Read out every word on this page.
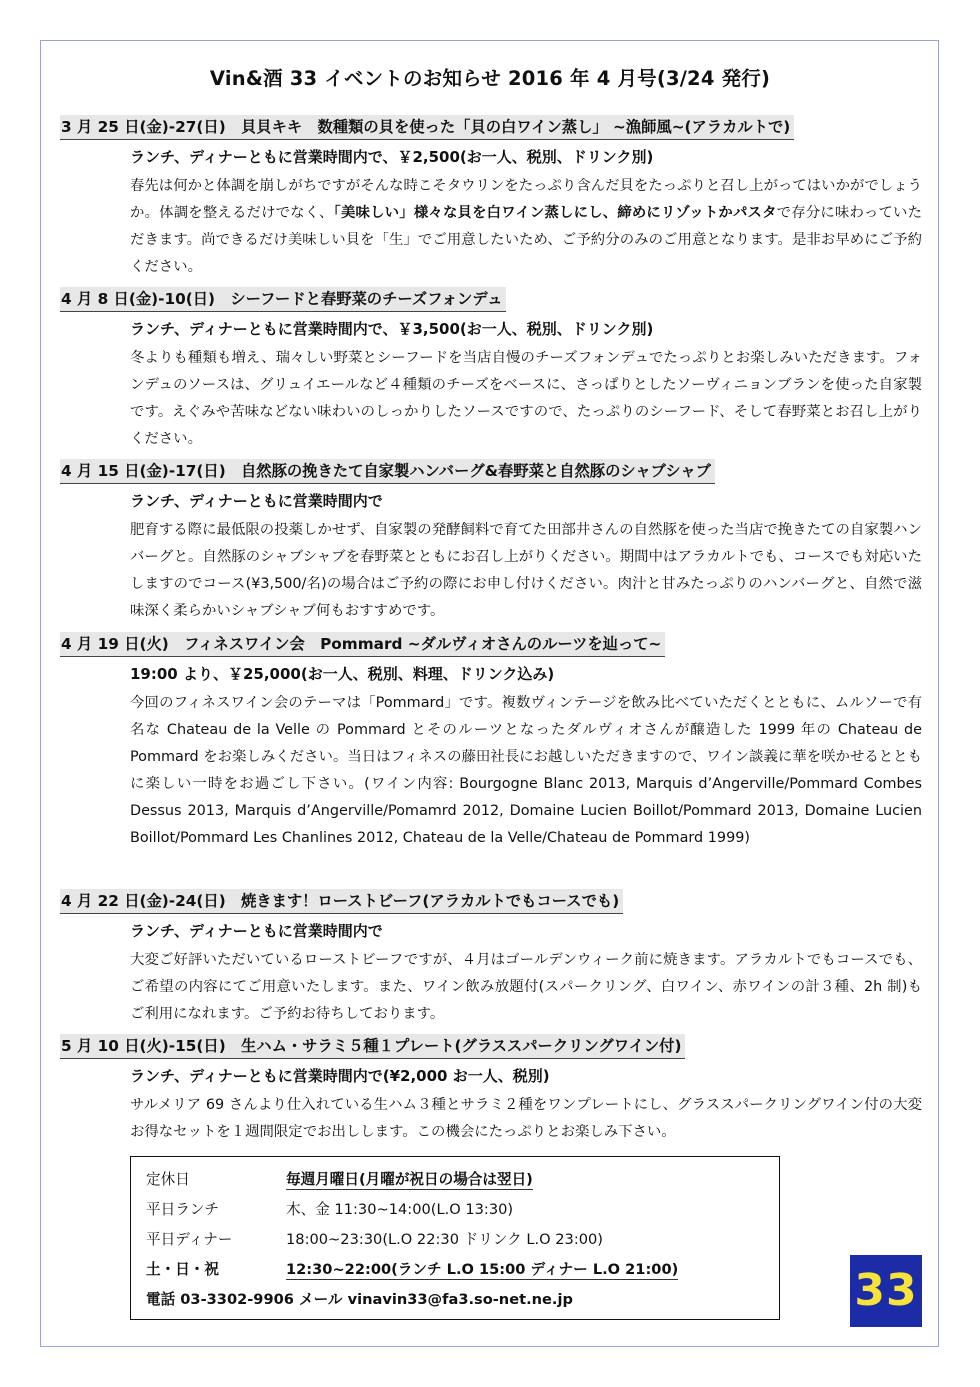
Vin&酒 33 イベントのお知らせ 2016 年 4 月号(3/24 発行)
3 月 25 日(金)-27(日)　貝貝キキ　数種類の貝を使った「貝の白ワイン蒸し」 ~漁師風~(アラカルトで)
ランチ、ディナーともに営業時間内で、￥2,500(お一人、税別、ドリンク別)
春先は何かと体調を崩しがちですがそんな時こそタウリンをたっぷり含んだ貝をたっぷりと召し上がってはいかがでしょうか。体調を整えるだけでなく、「美味しい」様々な貝を白ワイン蒸しにし、締めにリゾットかパスタで存分に味わっていただきます。尚できるだけ美味しい貝を「生」でご用意したいため、ご予約分のみのご用意となります。是非お早めにご予約ください。
4 月 8 日(金)-10(日)　シーフードと春野菜のチーズフォンデュ
ランチ、ディナーともに営業時間内で、￥3,500(お一人、税別、ドリンク別)
冬よりも種類も増え、瑞々しい野菜とシーフードを当店自慢のチーズフォンデュでたっぷりとお楽しみいただきます。フォンデュのソースは、グリュイエールなど４種類のチーズをベースに、さっぱりとしたソーヴィニョンブランを使った自家製です。えぐみや苦味などない味わいのしっかりしたソースですので、たっぷりのシーフード、そして春野菜とお召し上がりください。
4 月 15 日(金)-17(日)　自然豚の挽きたて自家製ハンバーグ&春野菜と自然豚のシャブシャブ
ランチ、ディナーともに営業時間内で
肥育する際に最低限の投薬しかせず、自家製の発酵飼料で育てた田部井さんの自然豚を使った当店で挽きたての自家製ハンバーグと。自然豚のシャブシャブを春野菜とともにお召し上がりください。期間中はアラカルトでも、コースでも対応いたしますのでコース(¥3,500/名)の場合はご予約の際にお申し付けください。肉汁と甘みたっぷりのハンバーグと、自然で滋味深く柔らかいシャブシャブ何もおすすめです。
4 月 19 日(火)　フィネスワイン会　Pommard ~ダルヴィオさんのルーツを辿って~
19:00 より、￥25,000(お一人、税別、料理、ドリンク込み)
今回のフィネスワイン会のテーマは「Pommard」です。複数ヴィンテージを飲み比べていただくとともに、ムルソーで有名な Chateau de la Velle の Pommard とそのルーツとなったダルヴィオさんが醸造した 1999 年の Chateau de Pommard をお楽しみください。当日はフィネスの藤田社長にお越しいただきますので、ワイン談義に華を咲かせるとともに楽しい一時をお過ごし下さい。(ワイン内容: Bourgogne Blanc 2013, Marquis d’Angerville/Pommard Combes Dessus 2013, Marquis d’Angerville/Pomamrd 2012, Domaine Lucien Boillot/Pommard 2013, Domaine Lucien Boillot/Pommard Les Chanlines 2012, Chateau de la Velle/Chateau de Pommard 1999)
4 月 22 日(金)-24(日)　焼きます！ローストビーフ(アラカルトでもコースでも)
ランチ、ディナーともに営業時間内で
大変ご好評いただいているローストビーフですが、４月はゴールデンウィーク前に焼きます。アラカルトでもコースでも、ご希望の内容にてご用意いたします。また、ワイン飲み放題付(スパークリング、白ワイン、赤ワインの計３種、2h 制)もご利用になれます。ご予約お待ちしております。
5 月 10 日(火)-15(日)　生ハム・サラミ５種１プレート(グラススパークリングワイン付)
ランチ、ディナーともに営業時間内で(¥2,000 お一人、税別)
サルメリア 69 さんより仕入れている生ハム３種とサラミ２種をワンプレートにし、グラススパークリングワイン付の大変お得なセットを１週間限定でお出しします。この機会にたっぷりとお楽しみ下さい。
定休日	毎週月曜日(月曜が祝日の場合は翌日)
平日ランチ	木、金 11:30~14:00(L.O 13:30)
平日ディナー	18:00~23:30(L.O 22:30 ドリンク L.O 23:00)
土・日・祝	12:30~22:00(ランチ L.O 15:00 ディナー L.O 21:00)
電話 03-3302-9906 メール vinavin33@fa3.so-net.ne.jp	33
